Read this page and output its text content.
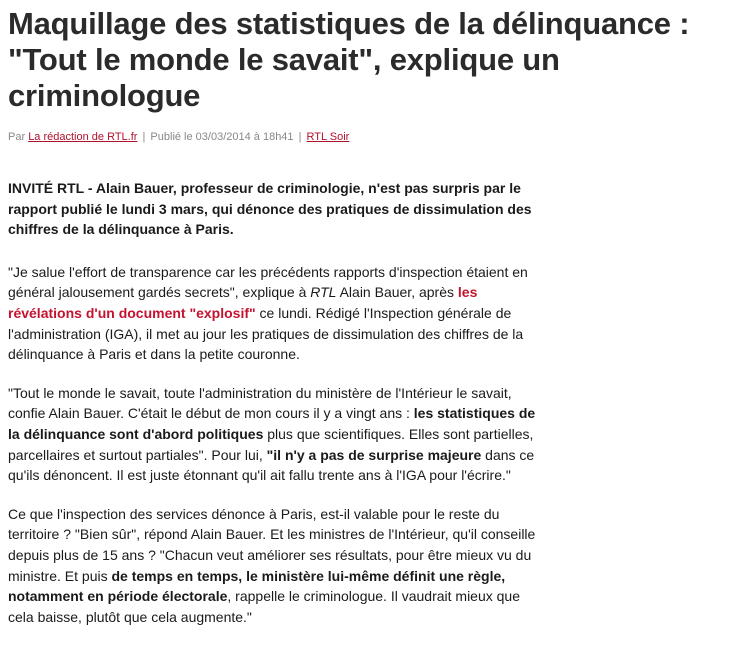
Maquillage des statistiques de la délinquance : "Tout le monde le savait", explique un criminologue
Par La rédaction de RTL.fr | Publié le 03/03/2014 à 18h41 | RTL Soir

INVITÉ RTL - Alain Bauer, professeur de criminologie, n'est pas surpris par le rapport publié le lundi 3 mars, qui dénonce des pratiques de dissimulation des chiffres de la délinquance à Paris.

"Je salue l'effort de transparence car les précédents rapports d'inspection étaient en général jalousement gardés secrets", explique à RTL Alain Bauer, après les révélations d'un document "explosif" ce lundi. Rédigé l'Inspection générale de l'administration (IGA), il met au jour les pratiques de dissimulation des chiffres de la délinquance à Paris et dans la petite couronne.

"Tout le monde le savait, toute l'administration du ministère de l'Intérieur le savait, confie Alain Bauer. C'était le début de mon cours il y a vingt ans : les statistiques de la délinquance sont d'abord politiques plus que scientifiques. Elles sont partielles, parcellaires et surtout partiales". Pour lui, "il n'y a pas de surprise majeure dans ce qu'ils dénoncent. Il est juste étonnant qu'il ait fallu trente ans à l'IGA pour l'écrire."

Ce que l'inspection des services dénonce à Paris, est-il valable pour le reste du territoire ? "Bien sûr", répond Alain Bauer. Et les ministres de l'Intérieur, qu'il conseille depuis plus de 15 ans ? "Chacun veut améliorer ses résultats, pour être mieux vu du ministre. Et puis de temps en temps, le ministère lui-même définit une règle, notamment en période électorale, rappelle le criminologue. Il vaudrait mieux que cela baisse, plutôt que cela augmente."
